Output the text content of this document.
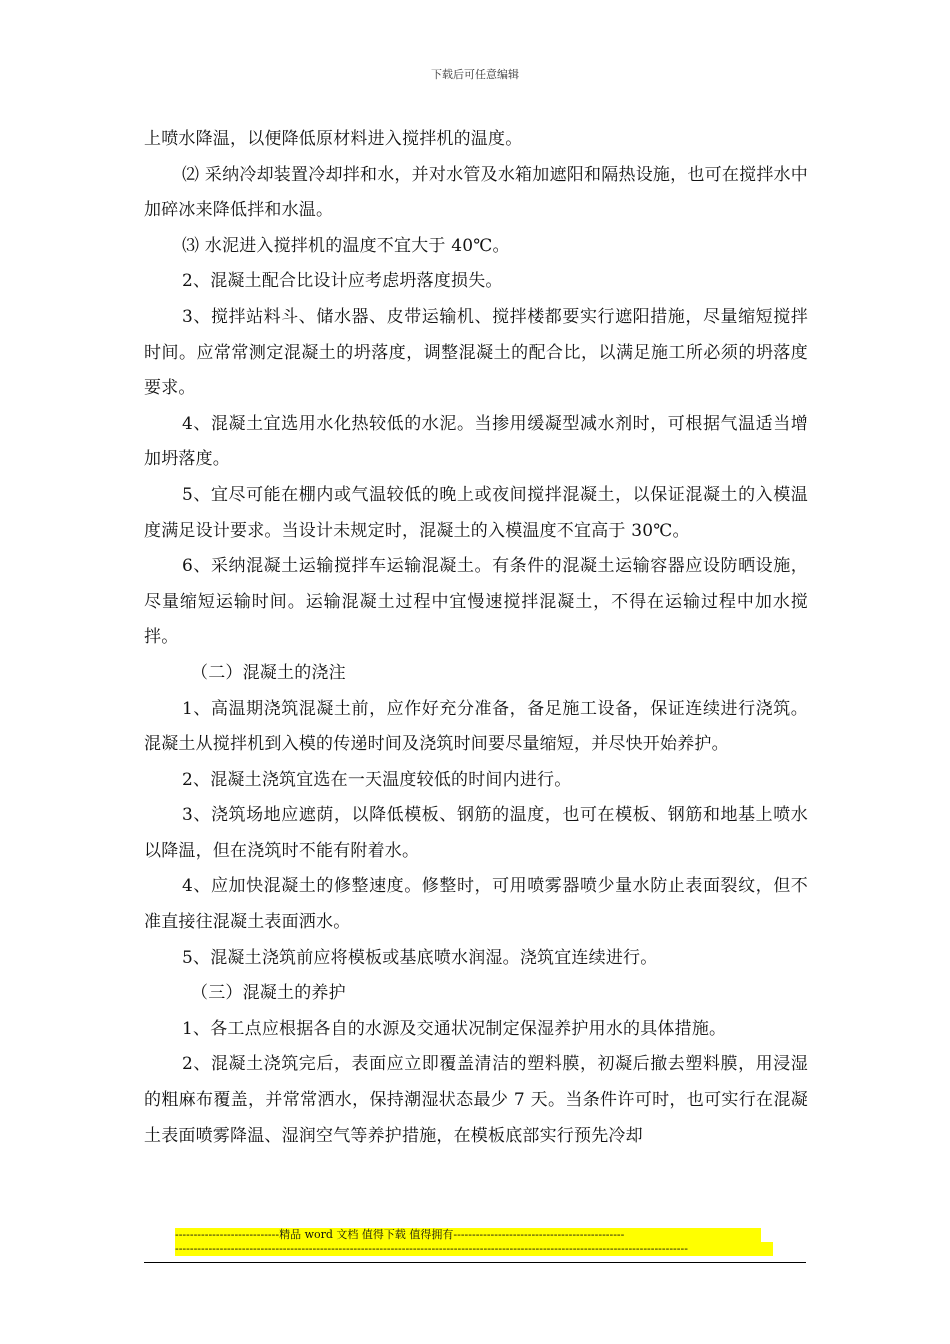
下载后可任意编辑

上喷水降温，以便降低原材料进入搅拌机的温度。

⑵ 采纳冷却装置冷却拌和水，并对水管及水箱加遮阳和隔热设施，也可在搅拌水中加碎冰来降低拌和水温。

⑶ 水泥进入搅拌机的温度不宜大于 40℃。

2、混凝土配合比设计应考虑坍落度损失。

3、搅拌站料斗、储水器、皮带运输机、搅拌楼都要实行遮阳措施，尽量缩短搅拌时间。应常常测定混凝土的坍落度，调整混凝土的配合比，以满足施工所必须的坍落度要求。

4、混凝土宜选用水化热较低的水泥。当掺用缓凝型减水剂时，可根据气温适当增加坍落度。

5、宜尽可能在棚内或气温较低的晚上或夜间搅拌混凝土，以保证混凝土的入模温度满足设计要求。当设计未规定时，混凝土的入模温度不宜高于 30℃。

6、采纳混凝土运输搅拌车运输混凝土。有条件的混凝土运输容器应设防晒设施，尽量缩短运输时间。运输混凝土过程中宜慢速搅拌混凝土，不得在运输过程中加水搅拌。

（二）混凝土的浇注

1、高温期浇筑混凝土前，应作好充分准备，备足施工设备，保证连续进行浇筑。混凝土从搅拌机到入模的传递时间及浇筑时间要尽量缩短，并尽快开始养护。

2、混凝土浇筑宜选在一天温度较低的时间内进行。

3、浇筑场地应遮荫，以降低模板、钢筋的温度，也可在模板、钢筋和地基上喷水以降温，但在浇筑时不能有附着水。

4、应加快混凝土的修整速度。修整时，可用喷雾器喷少量水防止表面裂纹，但不准直接往混凝土表面洒水。

5、混凝土浇筑前应将模板或基底喷水润湿。浇筑宜连续进行。

（三）混凝土的养护

1、各工点应根据各自的水源及交通状况制定保湿养护用水的具体措施。

2、混凝土浇筑完后，表面应立即覆盖清洁的塑料膜，初凝后撤去塑料膜，用浸湿的粗麻布覆盖，并常常洒水，保持潮湿状态最少 7 天。当条件许可时，也可实行在混凝土表面喷雾降温、湿润空气等养护措施，在模板底部实行预先冷却

----------------------------精品 word 文档 值得下载 值得拥有----------------------------------------------
------------------------------------------------------------------------------------------------------------------------------------------
